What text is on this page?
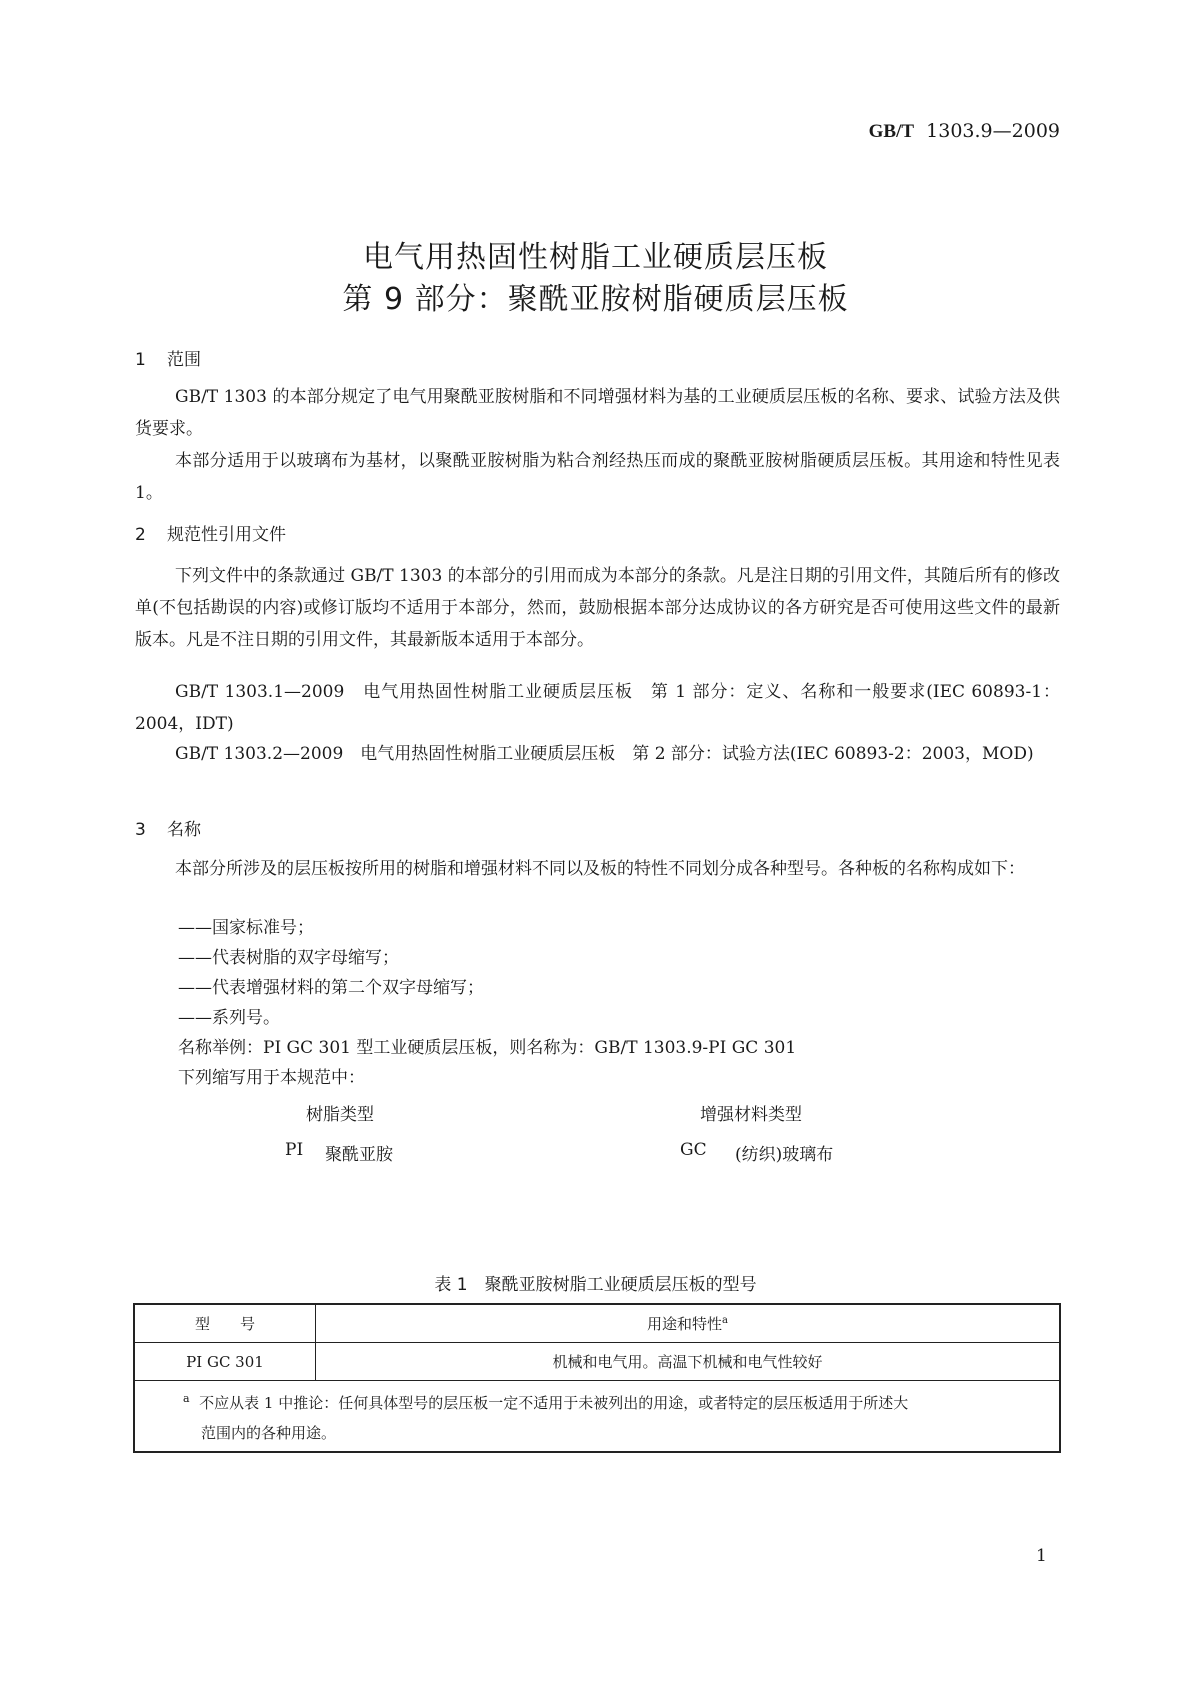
GB/T 1303.9—2009
电气用热固性树脂工业硬质层压板
第 9 部分：聚酰亚胺树脂硬质层压板
1 范围
GB/T 1303 的本部分规定了电气用聚酰亚胺树脂和不同增强材料为基的工业硬质层压板的名称、要求、试验方法及供货要求。
本部分适用于以玻璃布为基材，以聚酰亚胺树脂为粘合剂经热压而成的聚酰亚胺树脂硬质层压板。其用途和特性见表 1。
2 规范性引用文件
下列文件中的条款通过 GB/T 1303 的本部分的引用而成为本部分的条款。凡是注日期的引用文件，其随后所有的修改单(不包括勘误的内容)或修订版均不适用于本部分，然而，鼓励根据本部分达成协议的各方研究是否可使用这些文件的最新版本。凡是不注日期的引用文件，其最新版本适用于本部分。
GB/T 1303.1—2009　电气用热固性树脂工业硬质层压板　第 1 部分：定义、名称和一般要求(IEC 60893-1：2004，IDT)
GB/T 1303.2—2009　电气用热固性树脂工业硬质层压板　第 2 部分：试验方法(IEC 60893-2：2003，MOD)
3 名称
本部分所涉及的层压板按所用的树脂和增强材料不同以及板的特性不同划分成各种型号。各种板的名称构成如下：
——国家标准号；
——代表树脂的双字母缩写；
——代表增强材料的第二个双字母缩写；
——系列号。
名称举例：PI GC 301 型工业硬质层压板，则名称为：GB/T 1303.9-PI GC 301
下列缩写用于本规范中：
树脂类型	增强材料类型
PI 聚酰亚胺	GC (纺织)玻璃布
表 1　聚酰亚胺树脂工业硬质层压板的型号
型　　号	用途和特性$^a$
PI GC 301	机械和电气用。高温下机械和电气性较好
$^a$ 不应从表 1 中推论：任何具体型号的层压板一定不适用于未被列出的用途，或者特定的层压板适用于所述大
范围内的各种用途。	
1
